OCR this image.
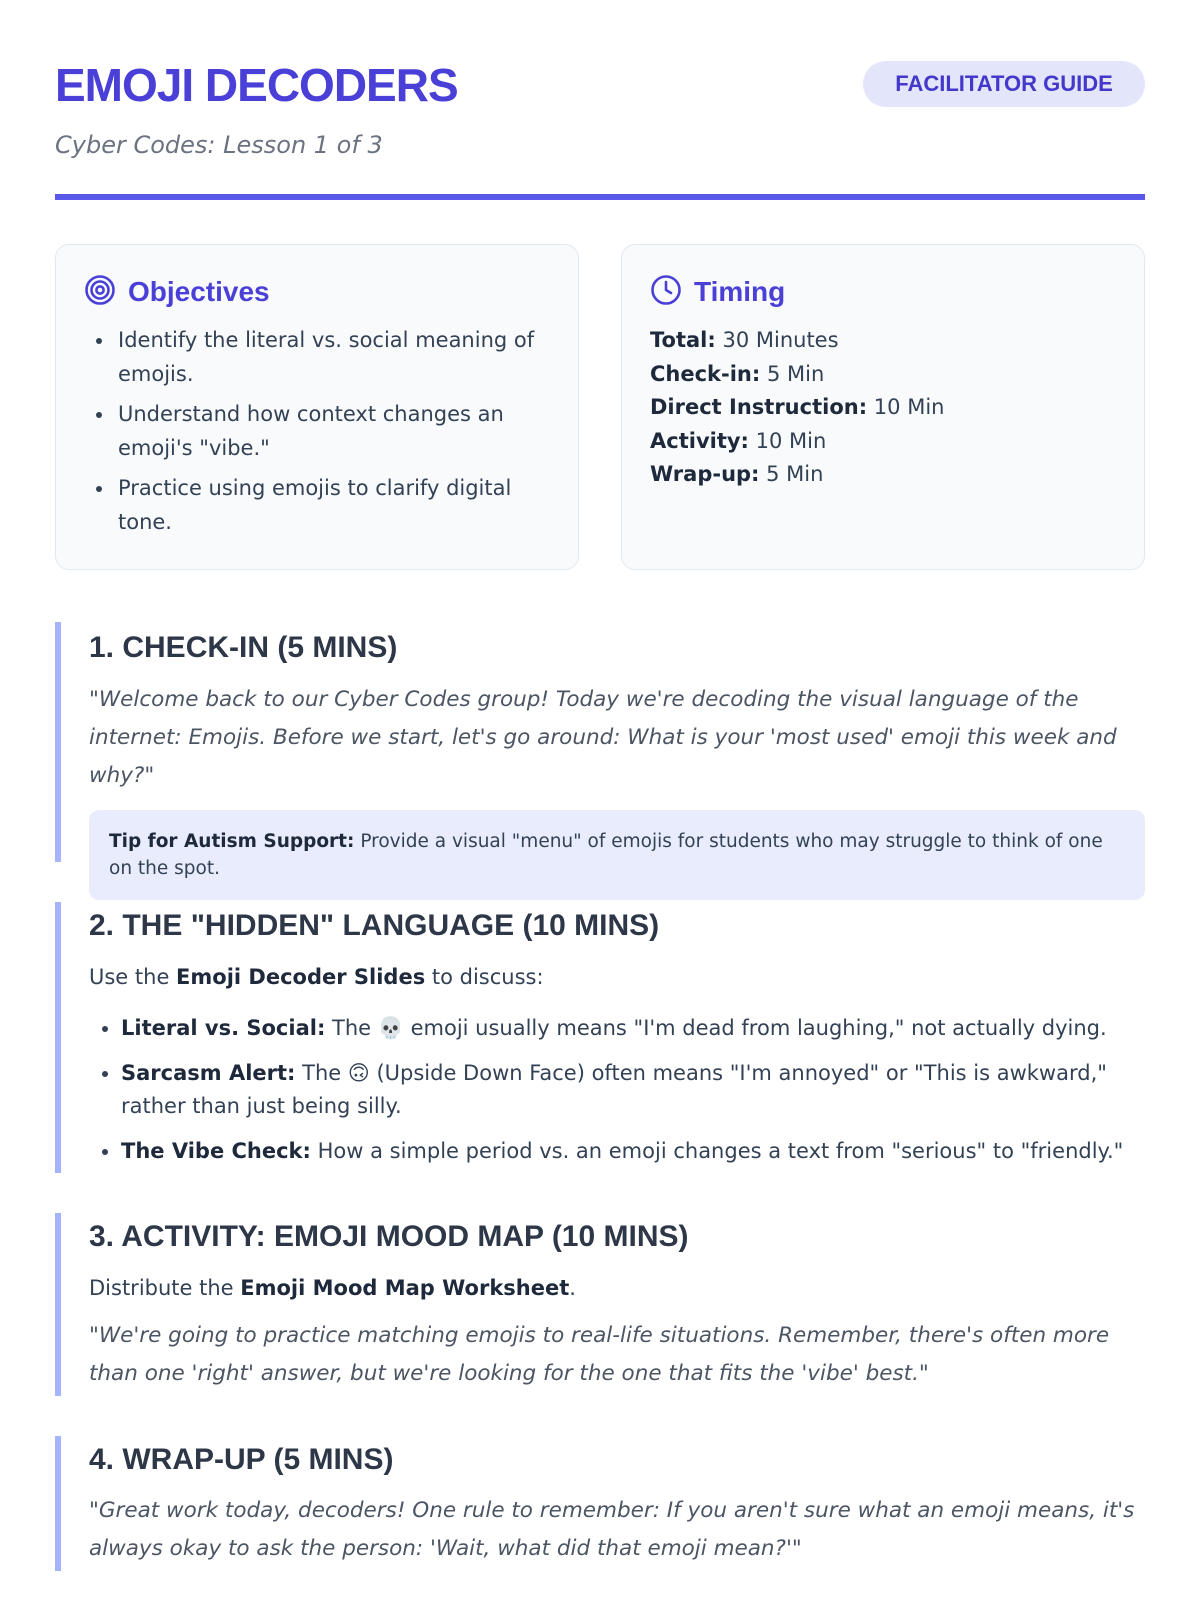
EMOJI DECODERS
Cyber Codes: Lesson 1 of 3
FACILITATOR GUIDE
Objectives
• Identify the literal vs. social meaning of emojis.
• Understand how context changes an emoji's "vibe."
• Practice using emojis to clarify digital tone.
Timing
Total: 30 Minutes
Check-in: 5 Min
Direct Instruction: 10 Min
Activity: 10 Min
Wrap-up: 5 Min
1. CHECK-IN (5 MINS)

"Welcome back to our Cyber Codes group! Today we're decoding the visual language of the internet: Emojis. Before we start, let's go around: What is your 'most used' emoji this week and why?"

Tip for Autism Support: Provide a visual "menu" of emojis for students who may struggle to think of one on the spot.
2. THE "HIDDEN" LANGUAGE (10 MINS)

Use the Emoji Decoder Slides to discuss:

• Literal vs. Social: The 💀 emoji usually means "I'm dead from laughing," not actually dying.
• Sarcasm Alert: The 🙃 (Upside Down Face) often means "I'm annoyed" or "This is awkward," rather than just being silly.
• The Vibe Check: How a simple period vs. an emoji changes a text from "serious" to "friendly."
3. ACTIVITY: EMOJI MOOD MAP (10 MINS)

Distribute the Emoji Mood Map Worksheet.

"We're going to practice matching emojis to real-life situations. Remember, there's often more than one 'right' answer, but we're looking for the one that fits the 'vibe' best."

4. WRAP-UP (5 MINS)

"Great work today, decoders! One rule to remember: If you aren't sure what an emoji means, it's always okay to ask the person: 'Wait, what did that emoji mean?'"
